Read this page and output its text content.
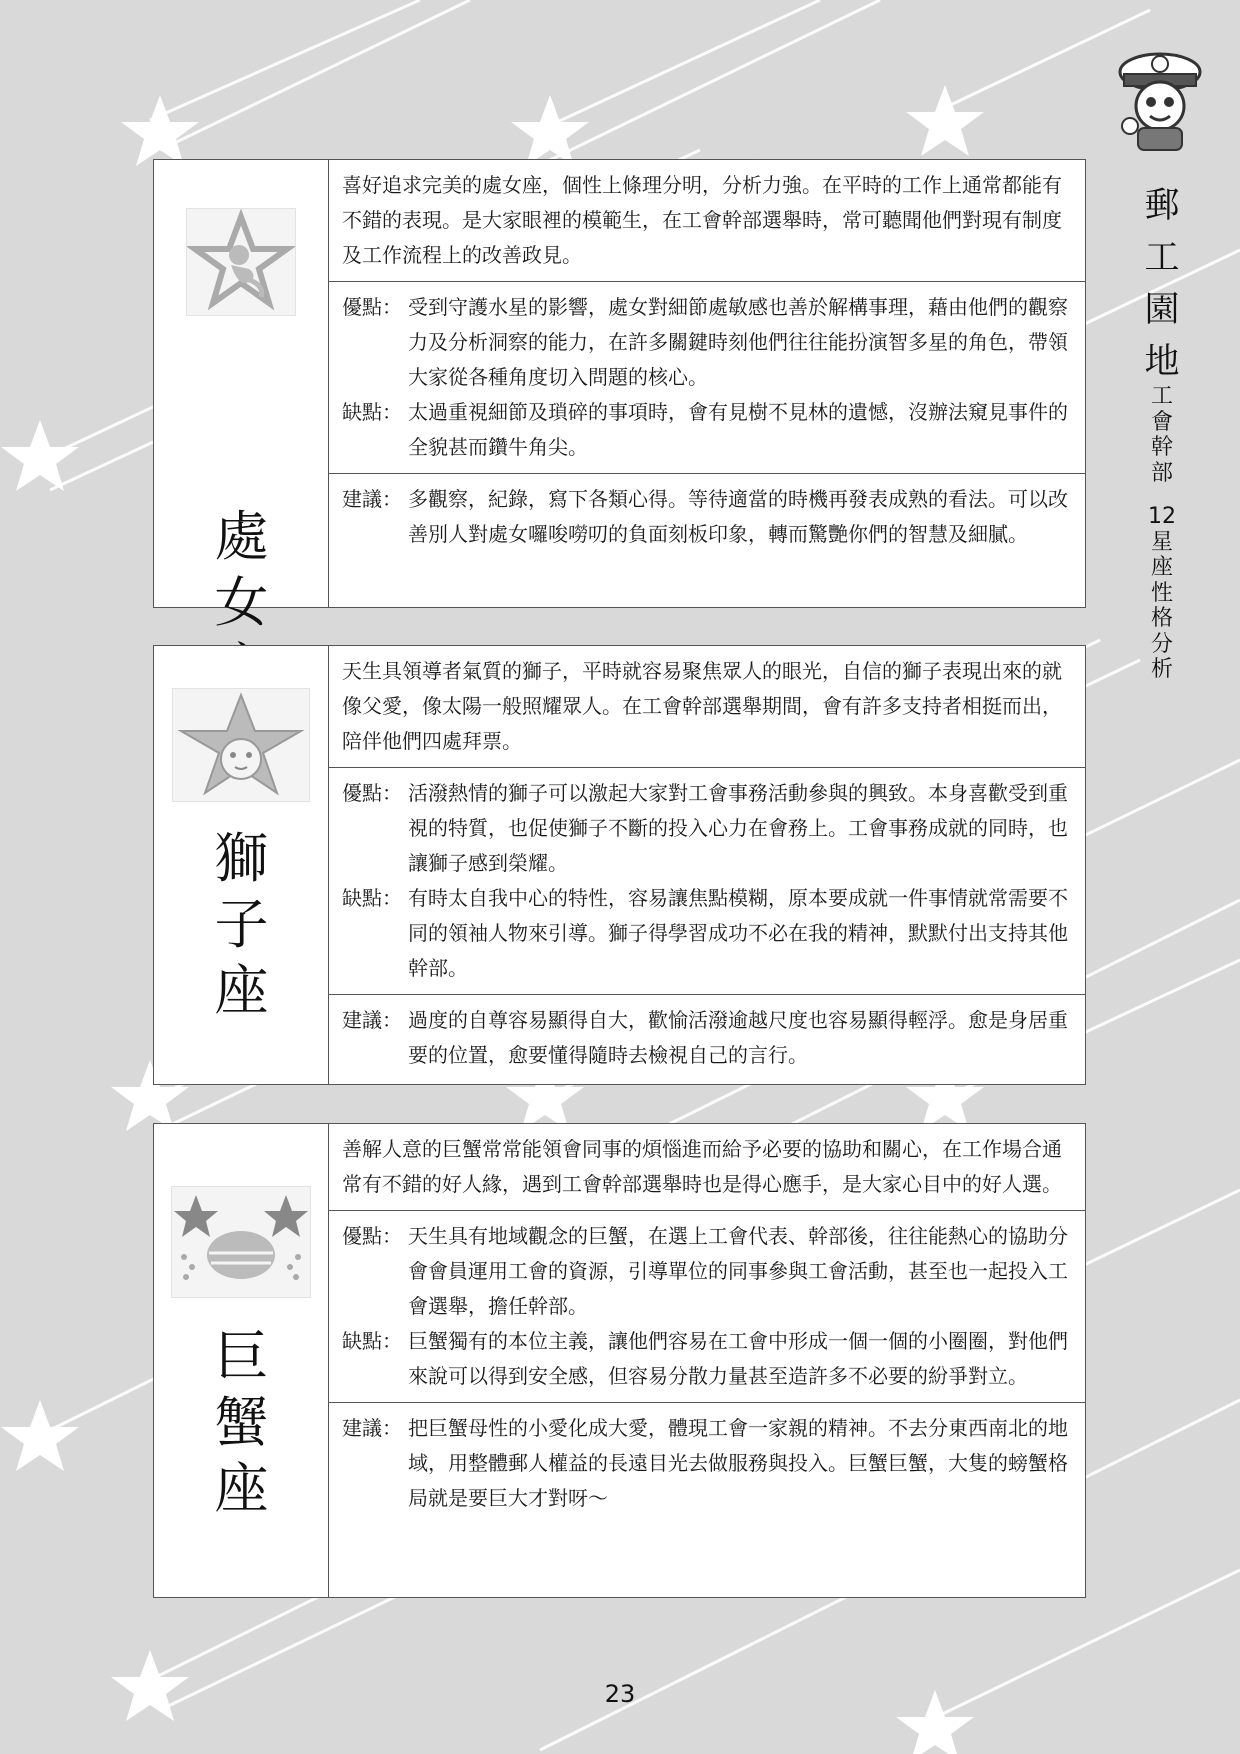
郵
工
園
地
工
會
幹
部
12
星
座
性
格
分
析
處
女
喜好追求完美的處女座，個性上條理分明，分析力強。在平時的工作上通常都能有不錯的表現。是大家眼裡的模範生，在工會幹部選舉時，常可聽聞他們對現有制度及工作流程上的改善政見。
優點： 受到守護水星的影響，處女對細節處敏感也善於解構事理，藉由他們的觀察力及分析洞察的能力，在許多關鍵時刻他們往往能扮演智多星的角色，帶領大家從各種角度切入問題的核心。
缺點： 太過重視細節及瑣碎的事項時，會有見樹不見林的遺憾，沒辦法窺見事件的全貌甚而鑽牛角尖。
建議： 多觀察，紀錄，寫下各類心得。等待適當的時機再發表成熟的看法。可以改善別人對處女囉唆嘮叨的負面刻板印象，轉而驚艷你們的智慧及細膩。
獅
子
座
天生具領導者氣質的獅子，平時就容易聚焦眾人的眼光，自信的獅子表現出來的就像父愛，像太陽一般照耀眾人。在工會幹部選舉期間，會有許多支持者相挺而出，陪伴他們四處拜票。
優點： 活潑熱情的獅子可以激起大家對工會事務活動參與的興致。本身喜歡受到重視的特質，也促使獅子不斷的投入心力在會務上。工會事務成就的同時，也讓獅子感到榮耀。
缺點： 有時太自我中心的特性，容易讓焦點模糊，原本要成就一件事情就常需要不同的領袖人物來引導。獅子得學習成功不必在我的精神，默默付出支持其他幹部。
建議： 過度的自尊容易顯得自大，歡愉活潑逾越尺度也容易顯得輕浮。愈是身居重要的位置，愈要懂得隨時去檢視自己的言行。
巨
蟹
座
善解人意的巨蟹常常能領會同事的煩惱進而給予必要的協助和關心，在工作場合通常有不錯的好人緣，遇到工會幹部選舉時也是得心應手，是大家心目中的好人選。
優點： 天生具有地域觀念的巨蟹，在選上工會代表、幹部後，往往能熱心的協助分會會員運用工會的資源，引導單位的同事參與工會活動，甚至也一起投入工會選舉，擔任幹部。
缺點： 巨蟹獨有的本位主義，讓他們容易在工會中形成一個一個的小圈圈，對他們來說可以得到安全感，但容易分散力量甚至造許多不必要的紛爭對立。
建議： 把巨蟹母性的小愛化成大愛，體現工會一家親的精神。不去分東西南北的地域，用整體郵人權益的長遠目光去做服務與投入。巨蟹巨蟹，大隻的螃蟹格局就是要巨大才對呀～
23
